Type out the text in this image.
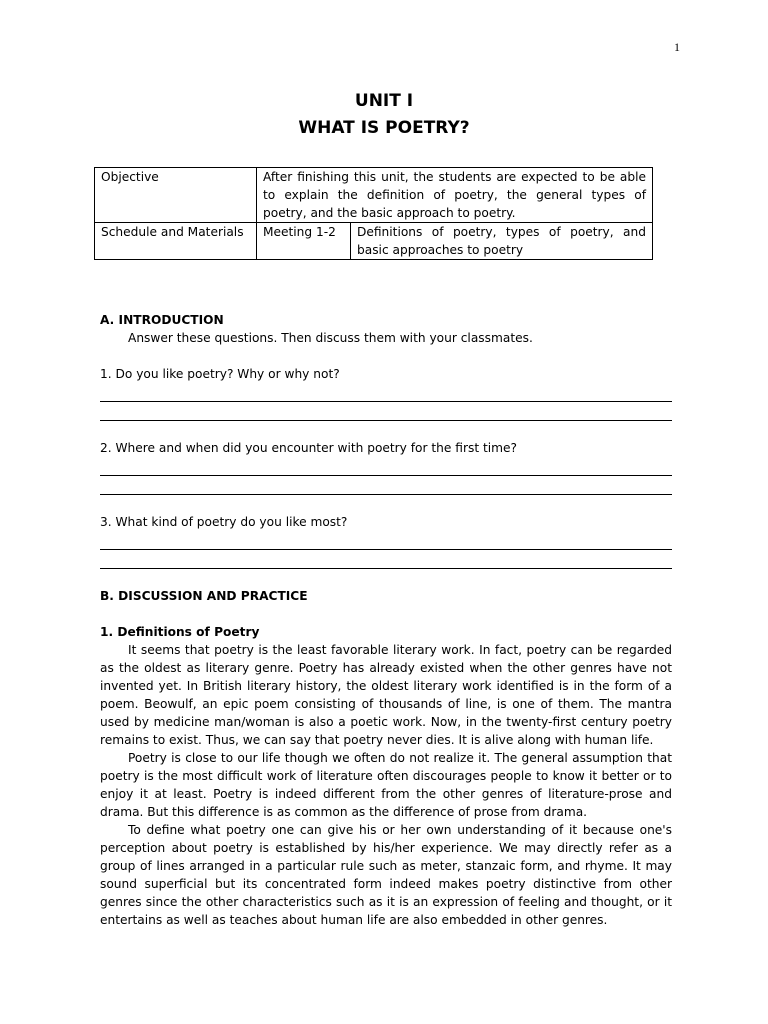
1
UNIT I
WHAT IS POETRY?
Objective	After finishing this unit, the students are expected to be able to explain the definition of poetry, the general types of poetry, and the basic approach to poetry.	
Schedule and Materials	Meeting 1-2	Definitions of poetry, types of poetry, and basic approaches to poetry

A. INTRODUCTION

Answer these questions. Then discuss them with your classmates.

1. Do you like poetry? Why or why not?

2. Where and when did you encounter with poetry for the first time?

3. What kind of poetry do you like most?

B. DISCUSSION AND PRACTICE

1. Definitions of Poetry

It seems that poetry is the least favorable literary work. In fact, poetry can be regarded as the oldest as literary genre. Poetry has already existed when the other genres have not invented yet. In British literary history, the oldest literary work identified is in the form of a poem. Beowulf, an epic poem consisting of thousands of line, is one of them. The mantra used by medicine man/woman is also a poetic work. Now, in the twenty-first century poetry remains to exist. Thus, we can say that poetry never dies. It is alive along with human life.

Poetry is close to our life though we often do not realize it. The general assumption that poetry is the most difficult work of literature often discourages people to know it better or to enjoy it at least. Poetry is indeed different from the other genres of literature-prose and drama. But this difference is as common as the difference of prose from drama.

To define what poetry one can give his or her own understanding of it because one's perception about poetry is established by his/her experience. We may directly refer as a group of lines arranged in a particular rule such as meter, stanzaic form, and rhyme. It may sound superficial but its concentrated form indeed makes poetry distinctive from other genres since the other characteristics such as it is an expression of feeling and thought, or it entertains as well as teaches about human life are also embedded in other genres.
